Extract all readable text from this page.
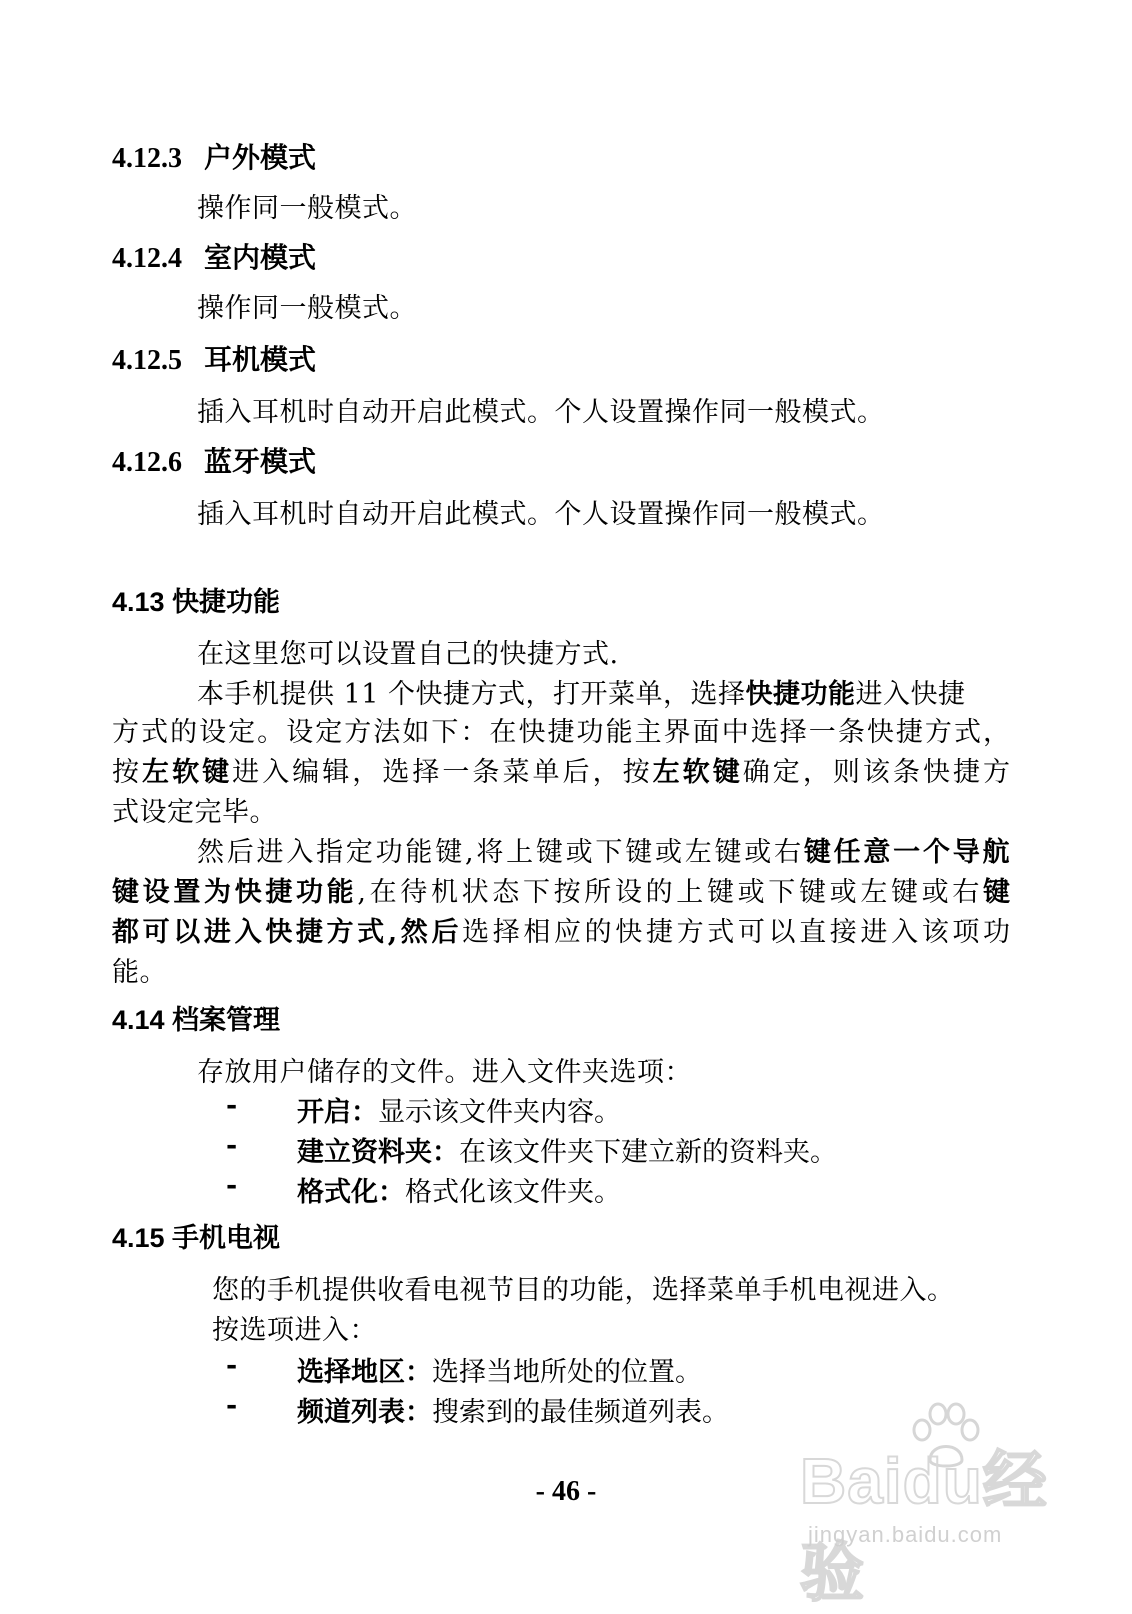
4.12.3 户外模式
操作同一般模式。
4.12.4 室内模式
操作同一般模式。
4.12.5 耳机模式
插入耳机时自动开启此模式。个人设置操作同一般模式。
4.12.6 蓝牙模式
插入耳机时自动开启此模式。个人设置操作同一般模式。
4.13 快捷功能
在这里您可以设置自己的快捷方式.
本手机提供 11 个快捷方式，打开菜单，选择快捷功能进入快捷
方式的设定。设定方法如下：在快捷功能主界面中选择一条快捷方式，
按左软键进入编辑，选择一条菜单后，按左软键确定，则该条快捷方
式设定完毕。
然后进入指定功能键,将上键或下键或左键或右键任意一个导航
键设置为快捷功能,在待机状态下按所设的上键或下键或左键或右键
都可以进入快捷方式,然后选择相应的快捷方式可以直接进入该项功
能。
4.14 档案管理
存放用户储存的文件。进入文件夹选项：
- 开启：显示该文件夹内容。
- 建立资料夹：在该文件夹下建立新的资料夹。
- 格式化：格式化该文件夹。
4.15 手机电视
您的手机提供收看电视节目的功能，选择菜单手机电视进入。
按选项进入：
- 选择地区：选择当地所处的位置。
- 频道列表：搜索到的最佳频道列表。
Baidu经验
jingyan.baidu.com
- 46 -
